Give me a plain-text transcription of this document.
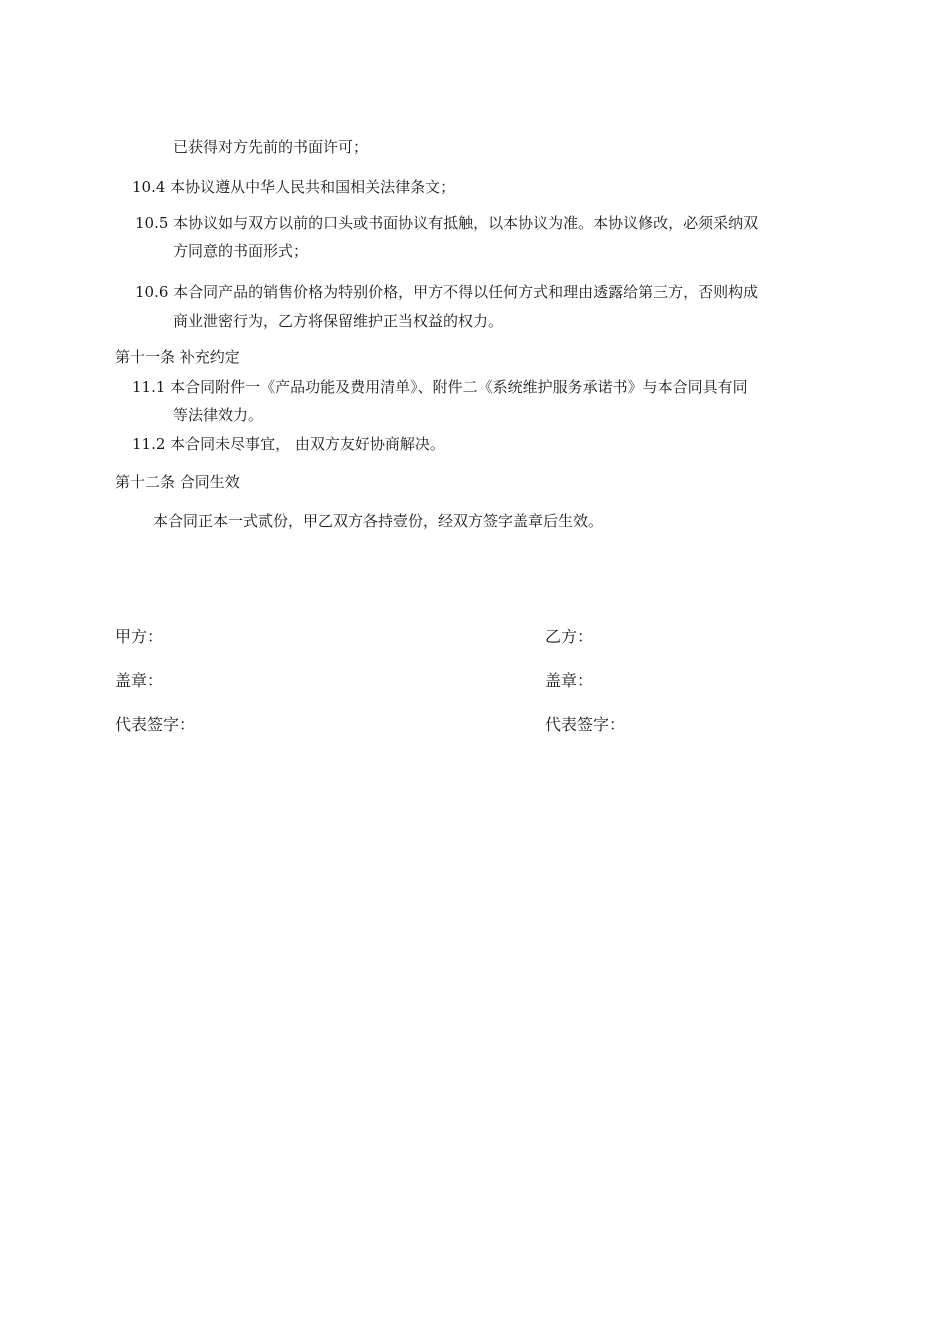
已获得对方先前的书面许可；
10.4 本协议遵从中华人民共和国相关法律条文；
10.5 本协议如与双方以前的口头或书面协议有抵触，以本协议为准。本协议修改，必须采纳双
方同意的书面形式；
10.6 本合同产品的销售价格为特别价格，甲方不得以任何方式和理由透露给第三方，否则构成
商业泄密行为，乙方将保留维护正当权益的权力。
第十一条 补充约定
11.1 本合同附件一《产品功能及费用清单》、附件二《系统维护服务承诺书》与本合同具有同
等法律效力。
11.2 本合同未尽事宜， 由双方友好协商解决。
第十二条 合同生效
本合同正本一式贰份，甲乙双方各持壹份，经双方签字盖章后生效。
甲方：	乙方：
盖章：	盖章：
代表签字：	代表签字：
